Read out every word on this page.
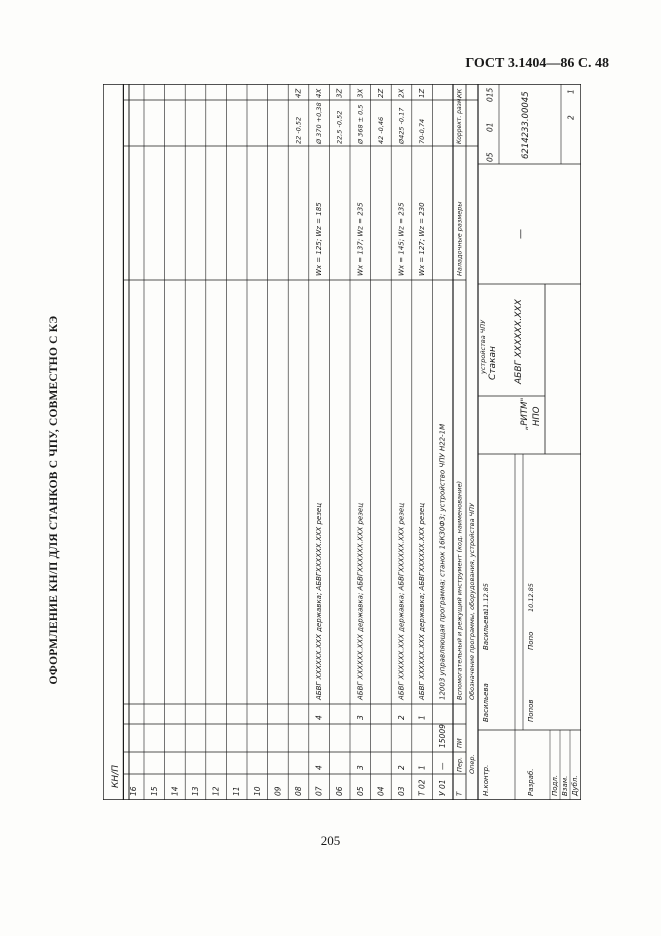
ГОСТ 3.1404—86 С. 48
ОФОРМЛЕНИЕ КН/П ДЛЯ СТАНКОВ С ЧПУ, СОВМЕСТНО С КЭ
КН/П
Т
Пер.
ПИ
Вспомогательный и режущий инструмент (код, наименование)
Наладочные размеры
Коррект. разм.
КК
Опер.
Обозначение программы, оборудования, устройства ЧПУ
У 01
—
15009
12003 управляющая программа; станок 16К30Ф3; устройство ЧПУ Н22-1М
Т 02
1
1
АБВГ XXXXXX.XXX державка; АБВГXXXXXX.XXX резец
Wx = 127; Wz = 230
70-0,74
1Z
03
2
2
АБВГ XXXXXX.XXX державка; АБВГXXXXXX.XXX резец
Wx = 145; Wz = 235
Ø425 -0,17
2X
04
42 -0,46
2Z
05
3
3
АБВГ XXXXXX.XXX державка; АБВГXXXXXX.XXX резец
Wx = 137; Wz = 235
Ø 368 ± 0,5
3X
06
22,5 -0,52
3Z
07
4
4
АБВГ XXXXXX.XXX державка; АБВГXXXXXX.XXX резец
Wx = 125; Wz = 185
Ø 370 +0,38
4X
08
22 -0,52
4Z
09
10
11
12
13
14
15
16	Дубл.
Взам.
Подл.
Разраб.
Попов
Попо
10.12.85
Н.контр.
Васильева
Васильева
11.12.85
НПО
„РИТМ"
АБВГ XXXXXX.XXX
Стакан
устройства ЧПУ
—
6214233.00045
05
01
015
2
1
205
